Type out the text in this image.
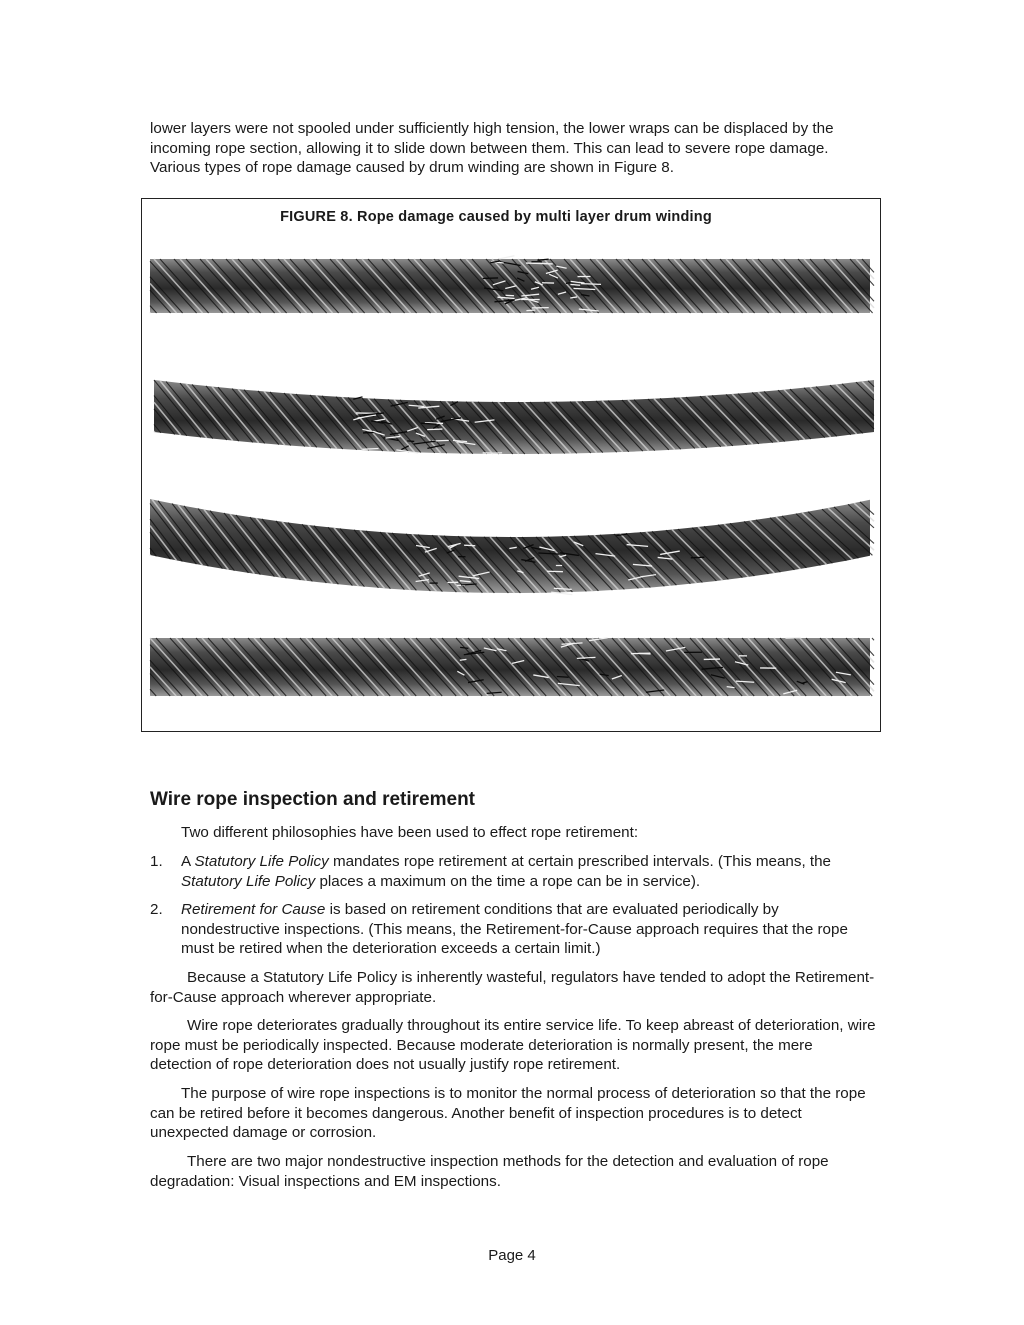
lower layers were not spooled under sufficiently high tension, the lower wraps can be displaced by the incoming rope section, allowing it to slide down between them. This can lead to severe rope damage. Various types of rope damage caused by drum winding are shown in Figure 8.

FIGURE 8. Rope damage caused by multi layer drum winding
Wire rope inspection and retirement

Two different philosophies have been used to effect rope retirement:

1.	A Statutory Life Policy mandates rope retirement at certain prescribed intervals. (This means, the Statutory Life Policy places a maximum on the time a rope can be in service).
2.	Retirement for Cause is based on retirement conditions that are evaluated periodically by nondestructive inspections. (This means, the Retirement-for-Cause approach requires that the rope must be retired when the deterioration exceeds a certain limit.)

Because a Statutory Life Policy is inherently wasteful, regulators have tended to adopt the Retirement-for-Cause approach wherever appropriate.

Wire rope deteriorates gradually throughout its entire service life. To keep abreast of deterioration, wire rope must be periodically inspected. Because moderate deterioration is normally present, the mere detection of rope deterioration does not usually justify rope retirement.

The purpose of wire rope inspections is to monitor the normal process of deterioration so that the rope can be retired before it becomes dangerous. Another benefit of inspection procedures is to detect unexpected damage or corrosion.

There are two major nondestructive inspection methods for the detection and evaluation of rope degradation: Visual inspections and EM inspections.

Page 4
